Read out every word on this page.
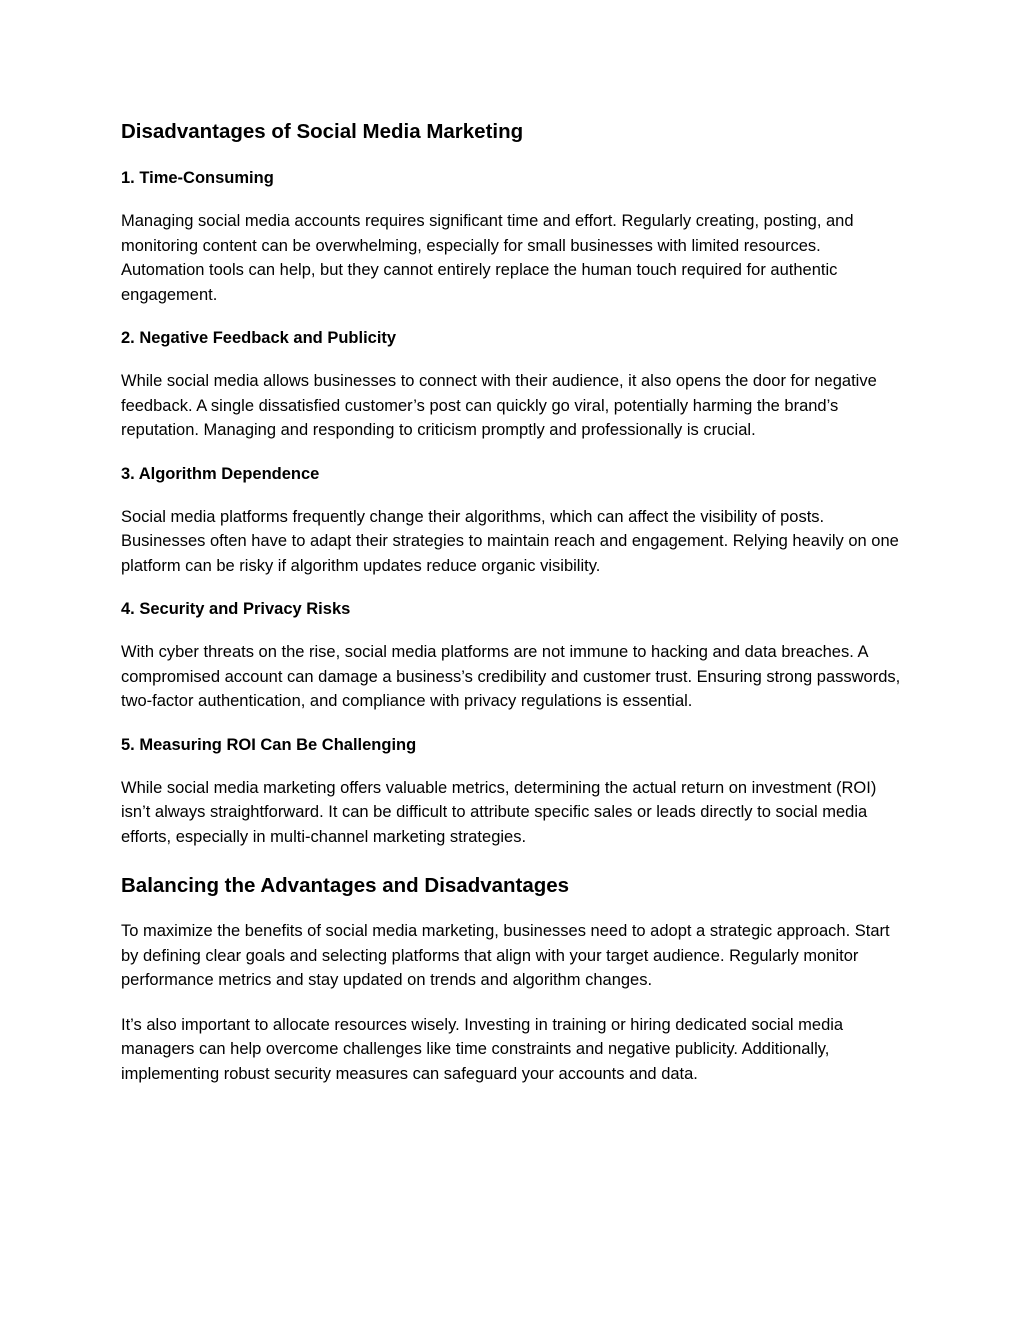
Disadvantages of Social Media Marketing
1. Time-Consuming

Managing social media accounts requires significant time and effort. Regularly creating, posting, and monitoring content can be overwhelming, especially for small businesses with limited resources. Automation tools can help, but they cannot entirely replace the human touch required for authentic engagement.

2. Negative Feedback and Publicity

While social media allows businesses to connect with their audience, it also opens the door for negative feedback. A single dissatisfied customer’s post can quickly go viral, potentially harming the brand’s reputation. Managing and responding to criticism promptly and professionally is crucial.

3. Algorithm Dependence

Social media platforms frequently change their algorithms, which can affect the visibility of posts. Businesses often have to adapt their strategies to maintain reach and engagement. Relying heavily on one platform can be risky if algorithm updates reduce organic visibility.

4. Security and Privacy Risks

With cyber threats on the rise, social media platforms are not immune to hacking and data breaches. A compromised account can damage a business’s credibility and customer trust. Ensuring strong passwords, two-factor authentication, and compliance with privacy regulations is essential.

5. Measuring ROI Can Be Challenging

While social media marketing offers valuable metrics, determining the actual return on investment (ROI) isn’t always straightforward. It can be difficult to attribute specific sales or leads directly to social media efforts, especially in multi-channel marketing strategies.

Balancing the Advantages and Disadvantages

To maximize the benefits of social media marketing, businesses need to adopt a strategic approach. Start by defining clear goals and selecting platforms that align with your target audience. Regularly monitor performance metrics and stay updated on trends and algorithm changes.

It’s also important to allocate resources wisely. Investing in training or hiring dedicated social media managers can help overcome challenges like time constraints and negative publicity. Additionally, implementing robust security measures can safeguard your accounts and data.
